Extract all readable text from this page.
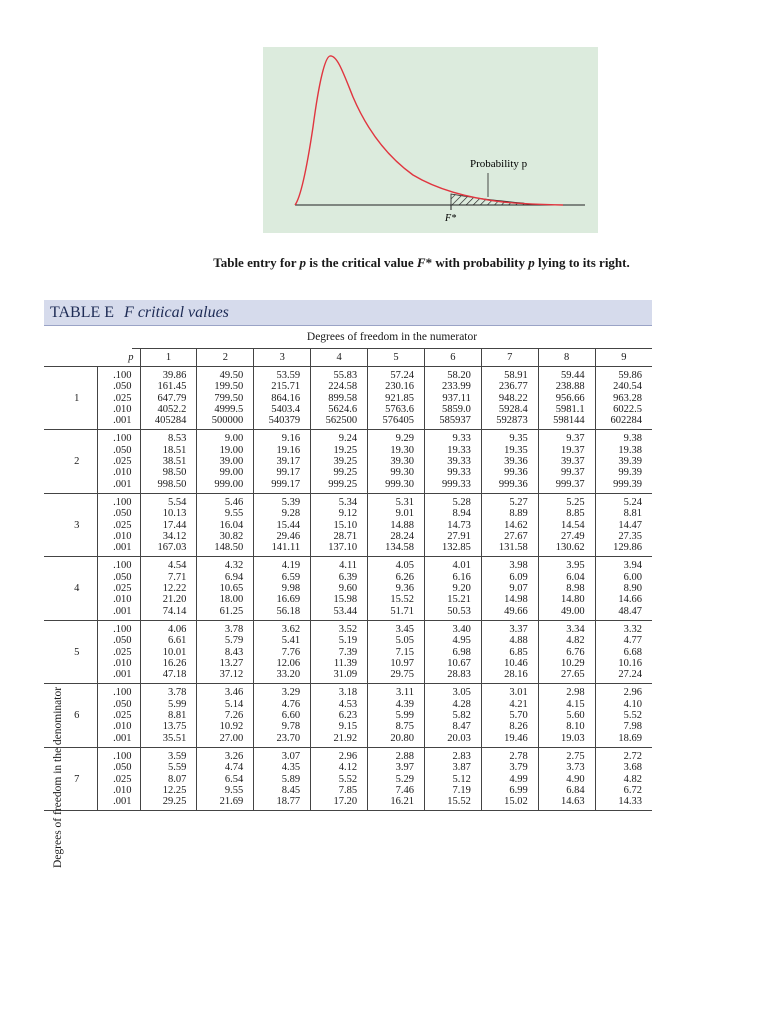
Probability p
F*
Table entry for p is the critical value F* with probability p lying to its right.
TABLE E F critical values
Degrees of freedom in the numerator
		p	1	2	3	4	5	6	7	8	9
		.100	39.86	49.50	53.59	55.83	57.24	58.20	58.91	59.44	59.86
		.050	161.45	199.50	215.71	224.58	230.16	233.99	236.77	238.88	240.54
	1	.025	647.79	799.50	864.16	899.58	921.85	937.11	948.22	956.66	963.28
		.010	4052.2	4999.5	5403.4	5624.6	5763.6	5859.0	5928.4	5981.1	6022.5
		.001	405284	500000	540379	562500	576405	585937	592873	598144	602284
		.100	8.53	9.00	9.16	9.24	9.29	9.33	9.35	9.37	9.38
		.050	18.51	19.00	19.16	19.25	19.30	19.33	19.35	19.37	19.38
	2	.025	38.51	39.00	39.17	39.25	39.30	39.33	39.36	39.37	39.39
		.010	98.50	99.00	99.17	99.25	99.30	99.33	99.36	99.37	99.39
		.001	998.50	999.00	999.17	999.25	999.30	999.33	999.36	999.37	999.39
		.100	5.54	5.46	5.39	5.34	5.31	5.28	5.27	5.25	5.24
		.050	10.13	9.55	9.28	9.12	9.01	8.94	8.89	8.85	8.81
	3	.025	17.44	16.04	15.44	15.10	14.88	14.73	14.62	14.54	14.47
		.010	34.12	30.82	29.46	28.71	28.24	27.91	27.67	27.49	27.35
		.001	167.03	148.50	141.11	137.10	134.58	132.85	131.58	130.62	129.86
		.100	4.54	4.32	4.19	4.11	4.05	4.01	3.98	3.95	3.94
		.050	7.71	6.94	6.59	6.39	6.26	6.16	6.09	6.04	6.00
	4	.025	12.22	10.65	9.98	9.60	9.36	9.20	9.07	8.98	8.90
		.010	21.20	18.00	16.69	15.98	15.52	15.21	14.98	14.80	14.66
		.001	74.14	61.25	56.18	53.44	51.71	50.53	49.66	49.00	48.47
		.100	4.06	3.78	3.62	3.52	3.45	3.40	3.37	3.34	3.32
		.050	6.61	5.79	5.41	5.19	5.05	4.95	4.88	4.82	4.77
	5	.025	10.01	8.43	7.76	7.39	7.15	6.98	6.85	6.76	6.68
		.010	16.26	13.27	12.06	11.39	10.97	10.67	10.46	10.29	10.16
		.001	47.18	37.12	33.20	31.09	29.75	28.83	28.16	27.65	27.24
		.100	3.78	3.46	3.29	3.18	3.11	3.05	3.01	2.98	2.96
		.050	5.99	5.14	4.76	4.53	4.39	4.28	4.21	4.15	4.10
	6	.025	8.81	7.26	6.60	6.23	5.99	5.82	5.70	5.60	5.52
		.010	13.75	10.92	9.78	9.15	8.75	8.47	8.26	8.10	7.98
		.001	35.51	27.00	23.70	21.92	20.80	20.03	19.46	19.03	18.69
		.100	3.59	3.26	3.07	2.96	2.88	2.83	2.78	2.75	2.72
		.050	5.59	4.74	4.35	4.12	3.97	3.87	3.79	3.73	3.68
	7	.025	8.07	6.54	5.89	5.52	5.29	5.12	4.99	4.90	4.82
		.010	12.25	9.55	8.45	7.85	7.46	7.19	6.99	6.84	6.72
		.001	29.25	21.69	18.77	17.20	16.21	15.52	15.02	14.63	14.33
Degrees of freedom in the denominator
